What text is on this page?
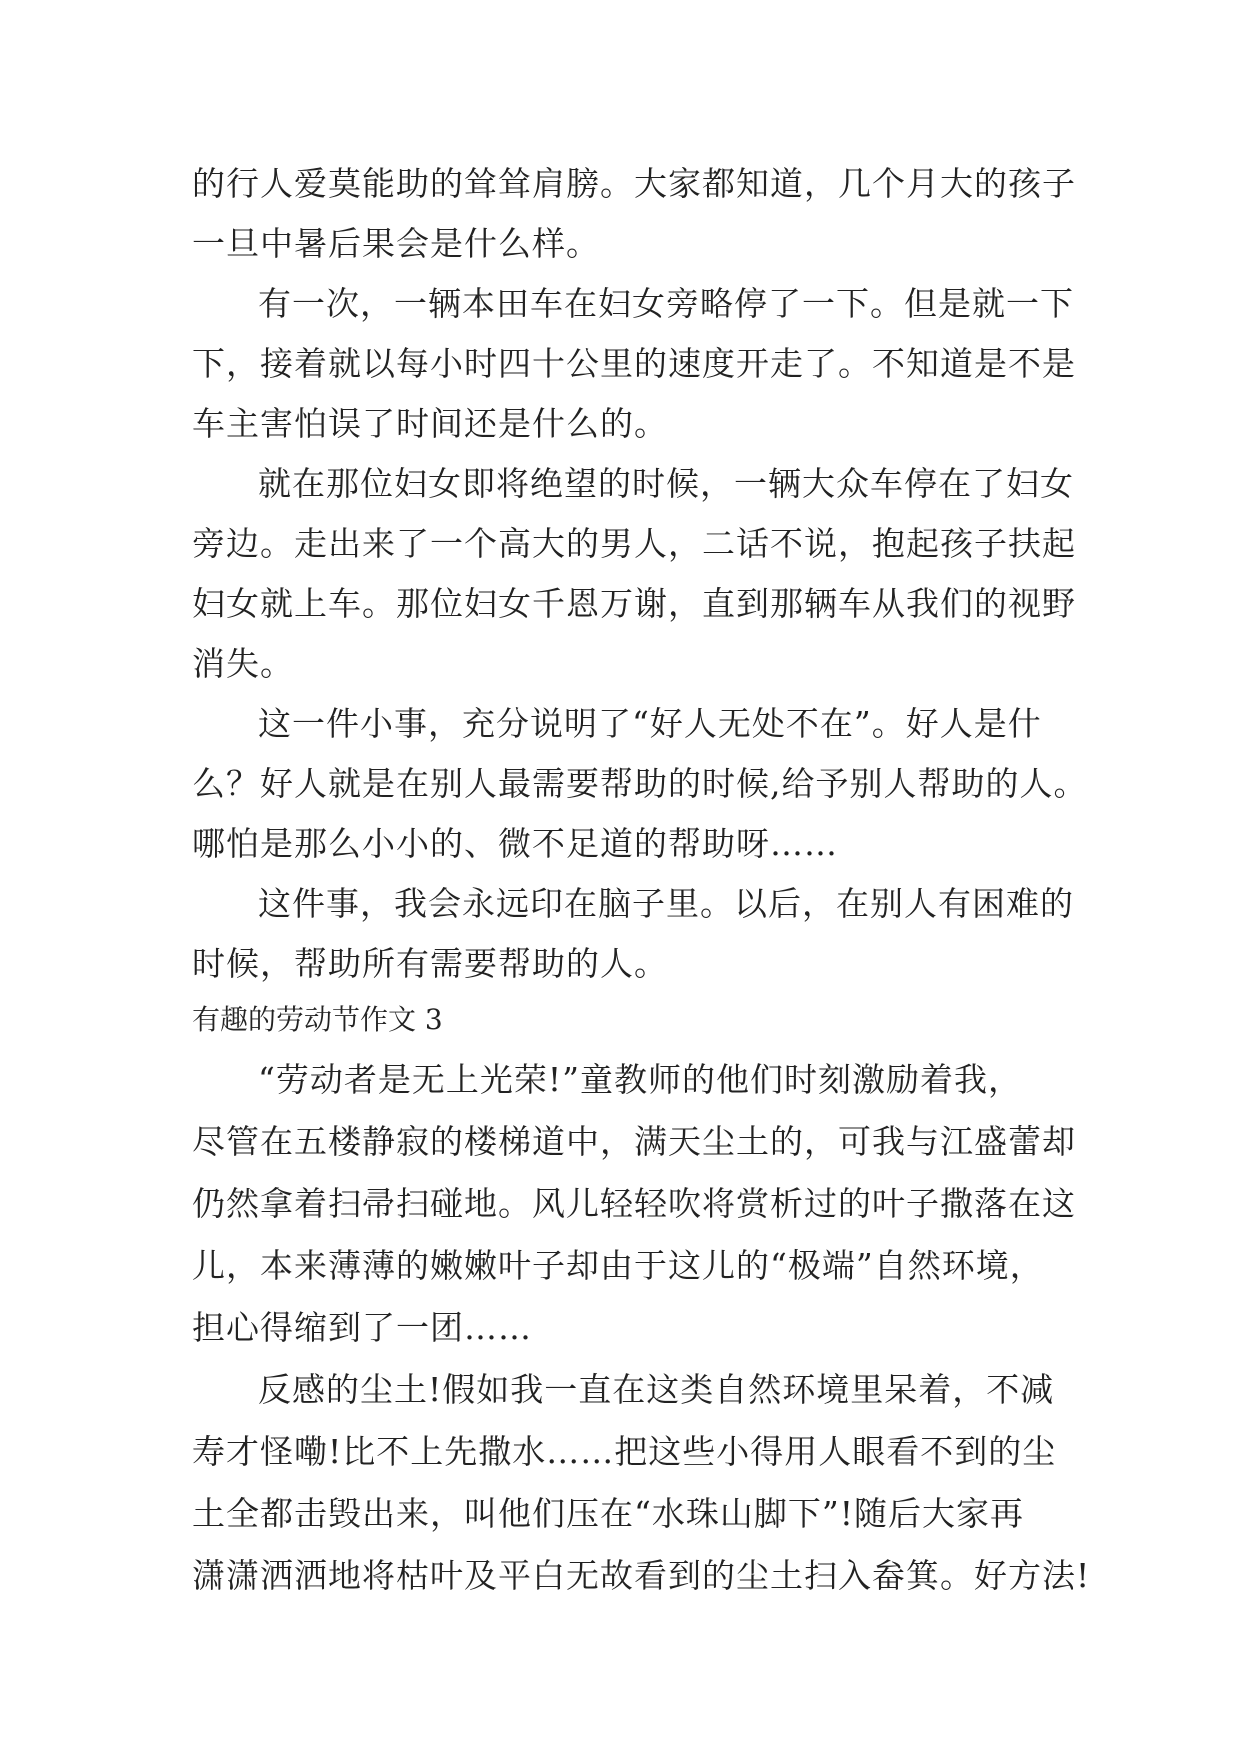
的行人爱莫能助的耸耸肩膀。大家都知道，几个月大的孩子
一旦中暑后果会是什么样。
有一次，一辆本田车在妇女旁略停了一下。但是就一下
下，接着就以每小时四十公里的速度开走了。不知道是不是
车主害怕误了时间还是什么的。
就在那位妇女即将绝望的时候，一辆大众车停在了妇女
旁边。走出来了一个高大的男人，二话不说，抱起孩子扶起
妇女就上车。那位妇女千恩万谢，直到那辆车从我们的视野
消失。
这一件小事，充分说明了“好人无处不在”。好人是什
么？好人就是在别人最需要帮助的时候,给予别人帮助的人。
哪怕是那么小小的、微不足道的帮助呀……
这件事，我会永远印在脑子里。以后，在别人有困难的
时候，帮助所有需要帮助的人。
有趣的劳动节作文 3
“劳动者是无上光荣!”童教师的他们时刻激励着我，
尽管在五楼静寂的楼梯道中，满天尘土的，可我与江盛蕾却
仍然拿着扫帚扫碰地。风儿轻轻吹将赏析过的叶子撒落在这
儿，本来薄薄的嫩嫩叶子却由于这儿的“极端”自然环境，
担心得缩到了一团……
反感的尘土!假如我一直在这类自然环境里呆着，不减
寿才怪嘞!比不上先撒水……把这些小得用人眼看不到的尘
土全都击毁出来，叫他们压在“水珠山脚下”!随后大家再
潇潇洒洒地将枯叶及平白无故看到的尘土扫入畚箕。好方法!
